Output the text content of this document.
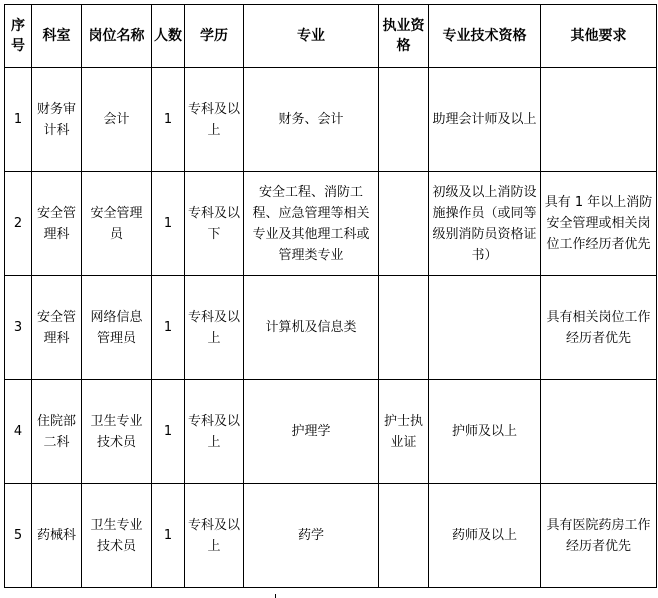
序号	科室	岗位名称	人数	学历	专业	执业资格	专业技术资格	其他要求
1	财务审计科	会计	1	专科及以上	财务、会计		助理会计师及以上	
2	安全管理科	安全管理员	1	专科及以下	安全工程、消防工程、应急管理等相关专业及其他理工科或管理类专业		初级及以上消防设施操作员（或同等级别消防员资格证书）	具有 1 年以上消防安全管理或相关岗位工作经历者优先
3	安全管理科	网络信息管理员	1	专科及以上	计算机及信息类			具有相关岗位工作经历者优先
4	住院部二科	卫生专业技术员	1	专科及以上	护理学	护士执业证	护师及以上	
5	药械科	卫生专业技术员	1	专科及以上	药学		药师及以上	具有医院药房工作经历者优先
